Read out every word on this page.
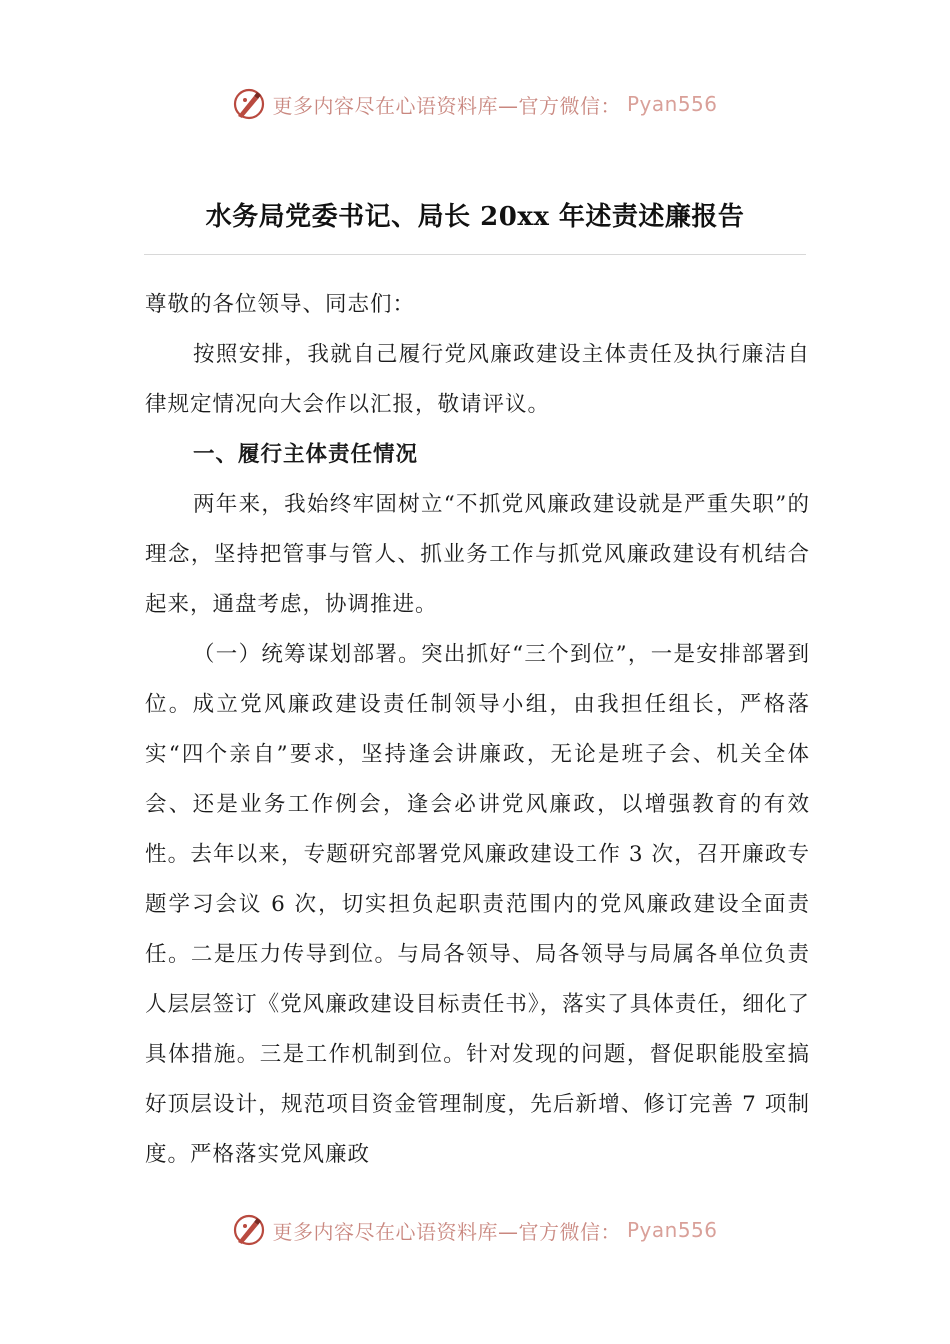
更多内容尽在心语资料库—官方微信： Pyan556
水务局党委书记、局长 20xx 年述责述廉报告

尊敬的各位领导、同志们：

按照安排，我就自己履行党风廉政建设主体责任及执行廉洁自律规定情况向大会作以汇报，敬请评议。

一、履行主体责任情况

两年来，我始终牢固树立“不抓党风廉政建设就是严重失职”的理念，坚持把管事与管人、抓业务工作与抓党风廉政建设有机结合起来，通盘考虑，协调推进。

（一）统筹谋划部署。突出抓好“三个到位”，一是安排部署到位。成立党风廉政建设责任制领导小组，由我担任组长，严格落实“四个亲自”要求，坚持逢会讲廉政，无论是班子会、机关全体会、还是业务工作例会，逢会必讲党风廉政，以增强教育的有效性。去年以来，专题研究部署党风廉政建设工作 3 次，召开廉政专题学习会议 6 次，切实担负起职责范围内的党风廉政建设全面责任。二是压力传导到位。与局各领导、局各领导与局属各单位负责人层层签订《党风廉政建设目标责任书》，落实了具体责任，细化了具体措施。三是工作机制到位。针对发现的问题，督促职能股室搞好顶层设计，规范项目资金管理制度，先后新增、修订完善 7 项制度。严格落实党风廉政

更多内容尽在心语资料库—官方微信： Pyan556
